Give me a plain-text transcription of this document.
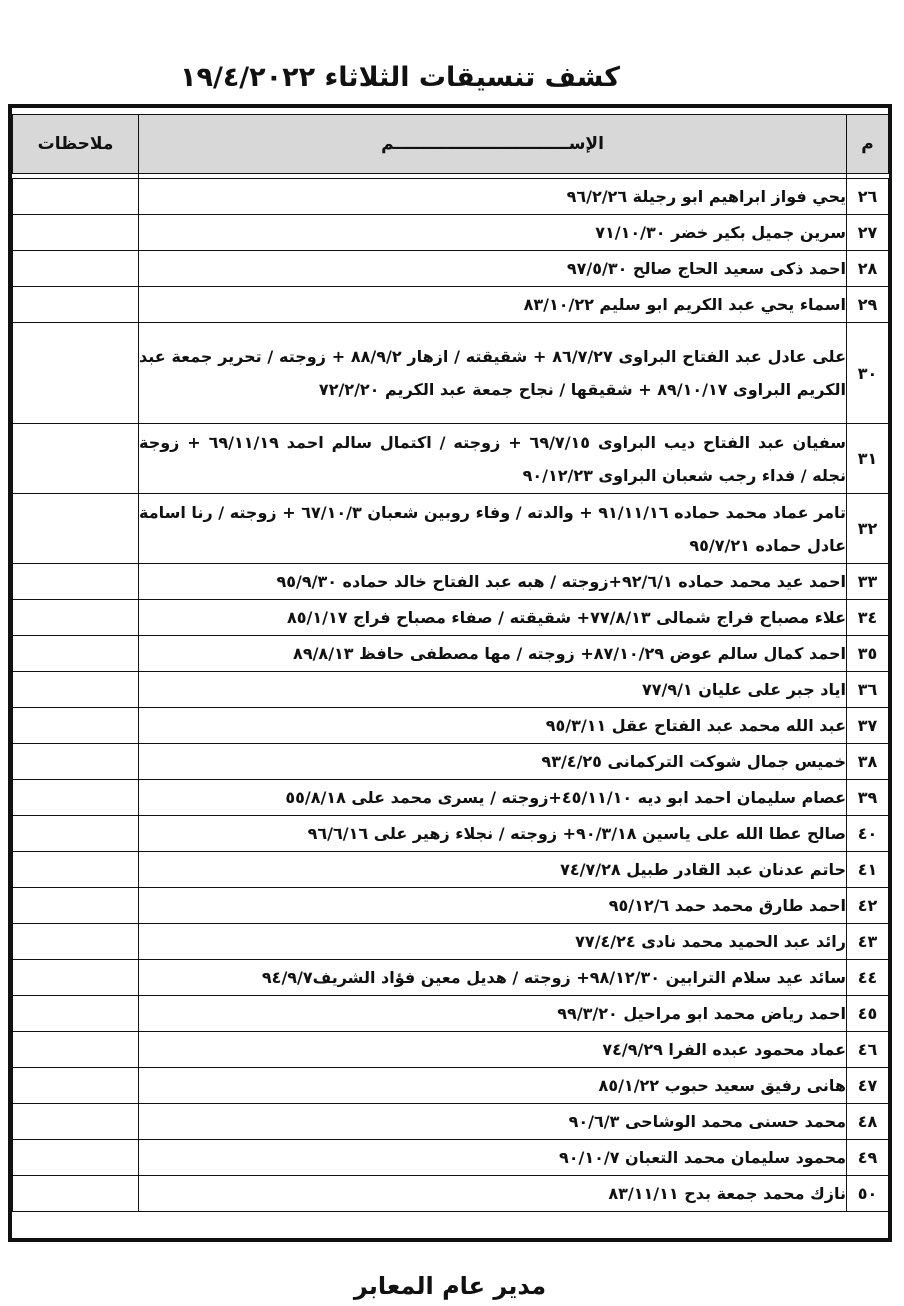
كشف تنسيقات الثلاثاء ١٩/٤/٢٠٢٢
م	الإســــــــــــــــــــــــــــــم	ملاحظات

٢٦	يحي فواز ابراهيم ابو رجيلة ٩٦/٢/٢٦	
٢٧	سرين جميل بكير خضر ٧١/١٠/٣٠	
٢٨	احمد ذكى سعيد الحاج صالح ٩٧/٥/٣٠	
٢٩	اسماء يحي عبد الكريم ابو سليم ٨٣/١٠/٢٢	
٣٠	على عادل عبد الفتاح البراوى ٨٦/٧/٢٧ + شقيقته / ازهار ٨٨/٩/٢ + زوجته / تحرير جمعة عبد الكريم البراوى ٨٩/١٠/١٧ + شقيقها / نجاح جمعة عبد الكريم ٧٢/٢/٢٠	
٣١	سفيان عبد الفتاح ديب البراوى ٦٩/٧/١٥ + زوجته / اكتمال سالم احمد ٦٩/١١/١٩ + زوجة نجله / فداء رجب شعبان البراوى ٩٠/١٢/٢٣	
٣٢	تامر عماد محمد حماده ٩١/١١/١٦ + والدته / وفاء روبين شعبان ٦٧/١٠/٣ + زوجته / رنا اسامة عادل حماده ٩٥/٧/٢١	
٣٣	احمد عيد محمد حماده ٩٢/٦/١+زوجته / هبه عبد الفتاح خالد حماده ٩٥/٩/٣٠	
٣٤	علاء مصباح فراج شمالى ٧٧/٨/١٣+ شقيقته / صفاء مصباح فراج ٨٥/١/١٧	
٣٥	احمد كمال سالم عوض ٨٧/١٠/٢٩+ زوجته / مها مصطفى حافظ ٨٩/٨/١٣	
٣٦	اياد جبر على عليان ٧٧/٩/١	
٣٧	عبد الله محمد عبد الفتاح عقل ٩٥/٣/١١	
٣٨	خميس جمال شوكت التركمانى ٩٣/٤/٢٥	
٣٩	عصام سليمان احمد ابو ديه ٤٥/١١/١٠+زوجته / يسرى محمد على ٥٥/٨/١٨	
٤٠	صالح عطا الله على ياسين ٩٠/٣/١٨+ زوجته / نجلاء زهير على ٩٦/٦/١٦	
٤١	حاتم عدنان عبد القادر طبيل ٧٤/٧/٢٨	
٤٢	احمد طارق محمد حمد ٩٥/١٢/٦	
٤٣	رائد عبد الحميد محمد نادى ٧٧/٤/٢٤	
٤٤	سائد عيد سلام الترابين ٩٨/١٢/٣٠+ زوجته / هديل معين فؤاد الشريف٩٤/٩/٧	
٤٥	احمد رياض محمد ابو مراحيل ٩٩/٣/٢٠	
٤٦	عماد محمود عبده الفرا ٧٤/٩/٢٩	
٤٧	هانى رفيق سعيد حبوب ٨٥/١/٢٢	
٤٨	محمد حسنى محمد الوشاحى ٩٠/٦/٣	
٤٩	محمود سليمان محمد التعبان ٩٠/١٠/٧	
٥٠	نازك محمد جمعة بدح ٨٣/١١/١١	
مدير عام المعابر
